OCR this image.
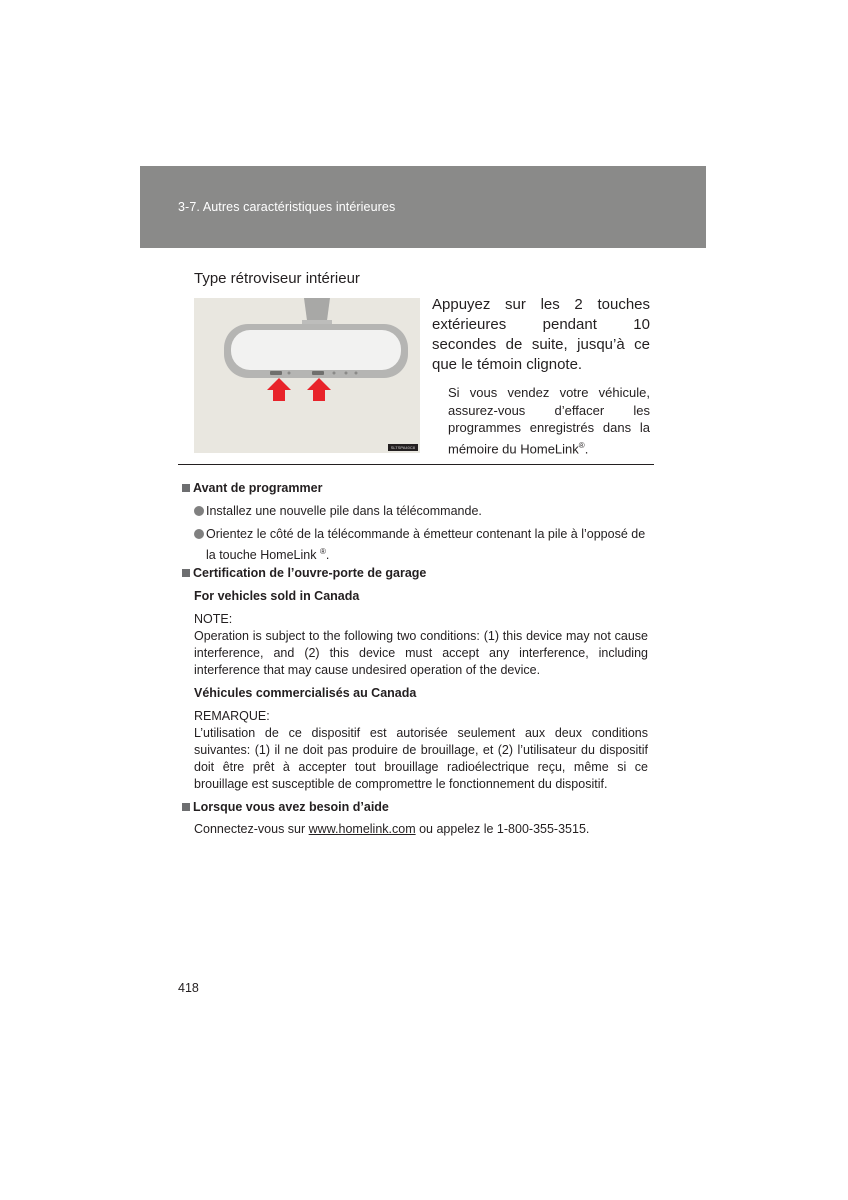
3-7. Autres caractéristiques intérieures
Type rétroviseur intérieur
SLTSPA40C8
Appuyez sur les 2 touches extérieures pendant 10 secondes de suite, jusqu’à ce que le témoin clignote.
Si vous vendez votre véhicule, assurez-vous d’effacer les programmes enregistrés dans la mémoire du HomeLink®.
Avant de programmer
Installez une nouvelle pile dans la télécommande.
Orientez le côté de la télécommande à émetteur contenant la pile à l’opposé de la touche HomeLink ®.
Certification de l’ouvre-porte de garage
For vehicles sold in Canada
NOTE:
Operation is subject to the following two conditions: (1) this device may not cause interference, and (2) this device must accept any interference, including interference that may cause undesired operation of the device.
Véhicules commercialisés au Canada
REMARQUE:
L’utilisation de ce dispositif est autorisée seulement aux deux conditions suivantes: (1) il ne doit pas produire de brouillage, et (2) l’utilisateur du dispositif doit être prêt à accepter tout brouillage radioélectrique reçu, même si ce brouillage est susceptible de compromettre le fonctionnement du dispositif.
Lorsque vous avez besoin d’aide
Connectez-vous sur www.homelink.com ou appelez le 1-800-355-3515.
418
